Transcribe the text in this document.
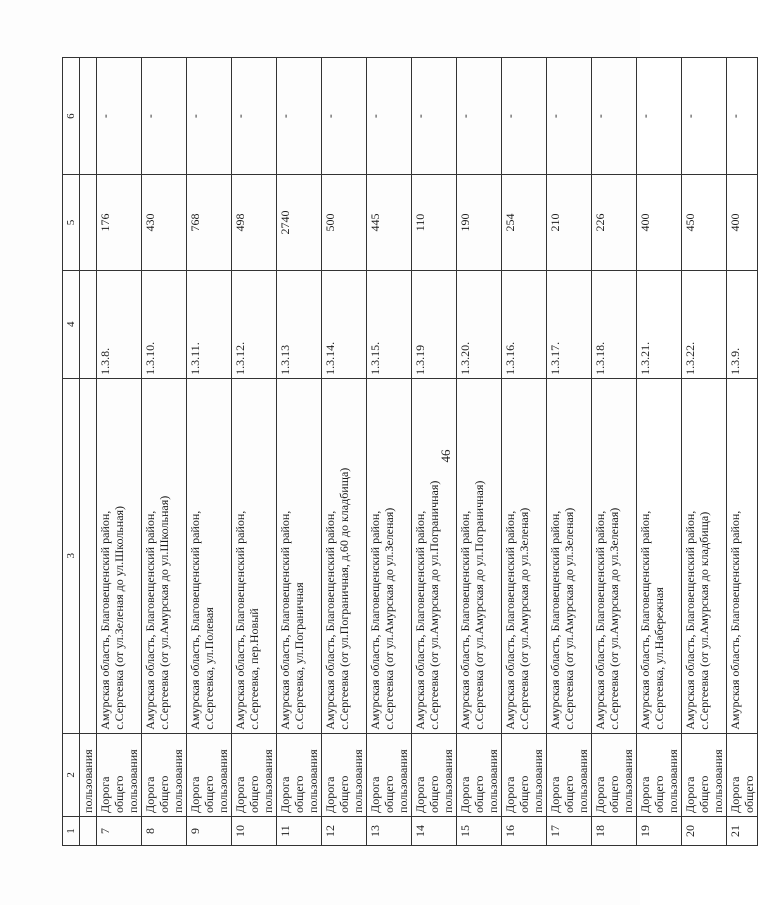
46
1	2	3	4	5	6
	пользования				
7	Дорога общего пользования	Амурская область, Благовещенский район, с.Сергеевка (от ул.Зеленая до ул.Школьная)	1.3.8.	176	-
8	Дорога общего пользования	Амурская область, Благовещенский район, с.Сергеевка (от ул.Амурская до ул.Школьная)	1.3.10.	430	-
9	Дорога общего пользования	Амурская область, Благовещенский район, с.Сергеевка, ул.Полевая	1.3.11.	768	-
10	Дорога общего пользования	Амурская область, Благовещенский район, с.Сергеевка, пер.Новый	1.3.12.	498	-
11	Дорога общего пользования	Амурская область, Благовещенский район, с.Сергеевка, ул.Пограничная	1.3.13	2740	-
12	Дорога общего пользования	Амурская область, Благовещенский район, с.Сергеевка (от ул.Пограничная, д.60 до кладбища)	1.3.14.	500	-
13	Дорога общего пользования	Амурская область, Благовещенский район, с.Сергеевка (от ул.Амурская до ул.Зеленая)	1.3.15.	445	-
14	Дорога общего пользования	Амурская область, Благовещенский район, с.Сергеевка (от ул.Амурская до ул.Пограничная)	1.3.19	110	-
15	Дорога общего пользования	Амурская область, Благовещенский район, с.Сергеевка (от ул.Амурская до ул.Пограничная)	1.3.20.	190	-
16	Дорога общего пользования	Амурская область, Благовещенский район, с.Сергеевка (от ул.Амурская до ул.Зеленая)	1.3.16.	254	-
17	Дорога общего пользования	Амурская область, Благовещенский район, с.Сергеевка (от ул.Амурская до ул.Зеленая)	1.3.17.	210	-
18	Дорога общего пользования	Амурская область, Благовещенский район, с.Сергеевка (от ул.Амурская до ул.Зеленая)	1.3.18.	226	-
19	Дорога общего пользования	Амурская область, Благовещенский район, с.Сергеевка, ул.Набережная	1.3.21.	400	-
20	Дорога общего пользования	Амурская область, Благовещенский район, с.Сергеевка (от ул.Амурская до кладбища)	1.3.22.	450	-
21	Дорога общего	Амурская область, Благовещенский район,	1.3.9.	400	-
